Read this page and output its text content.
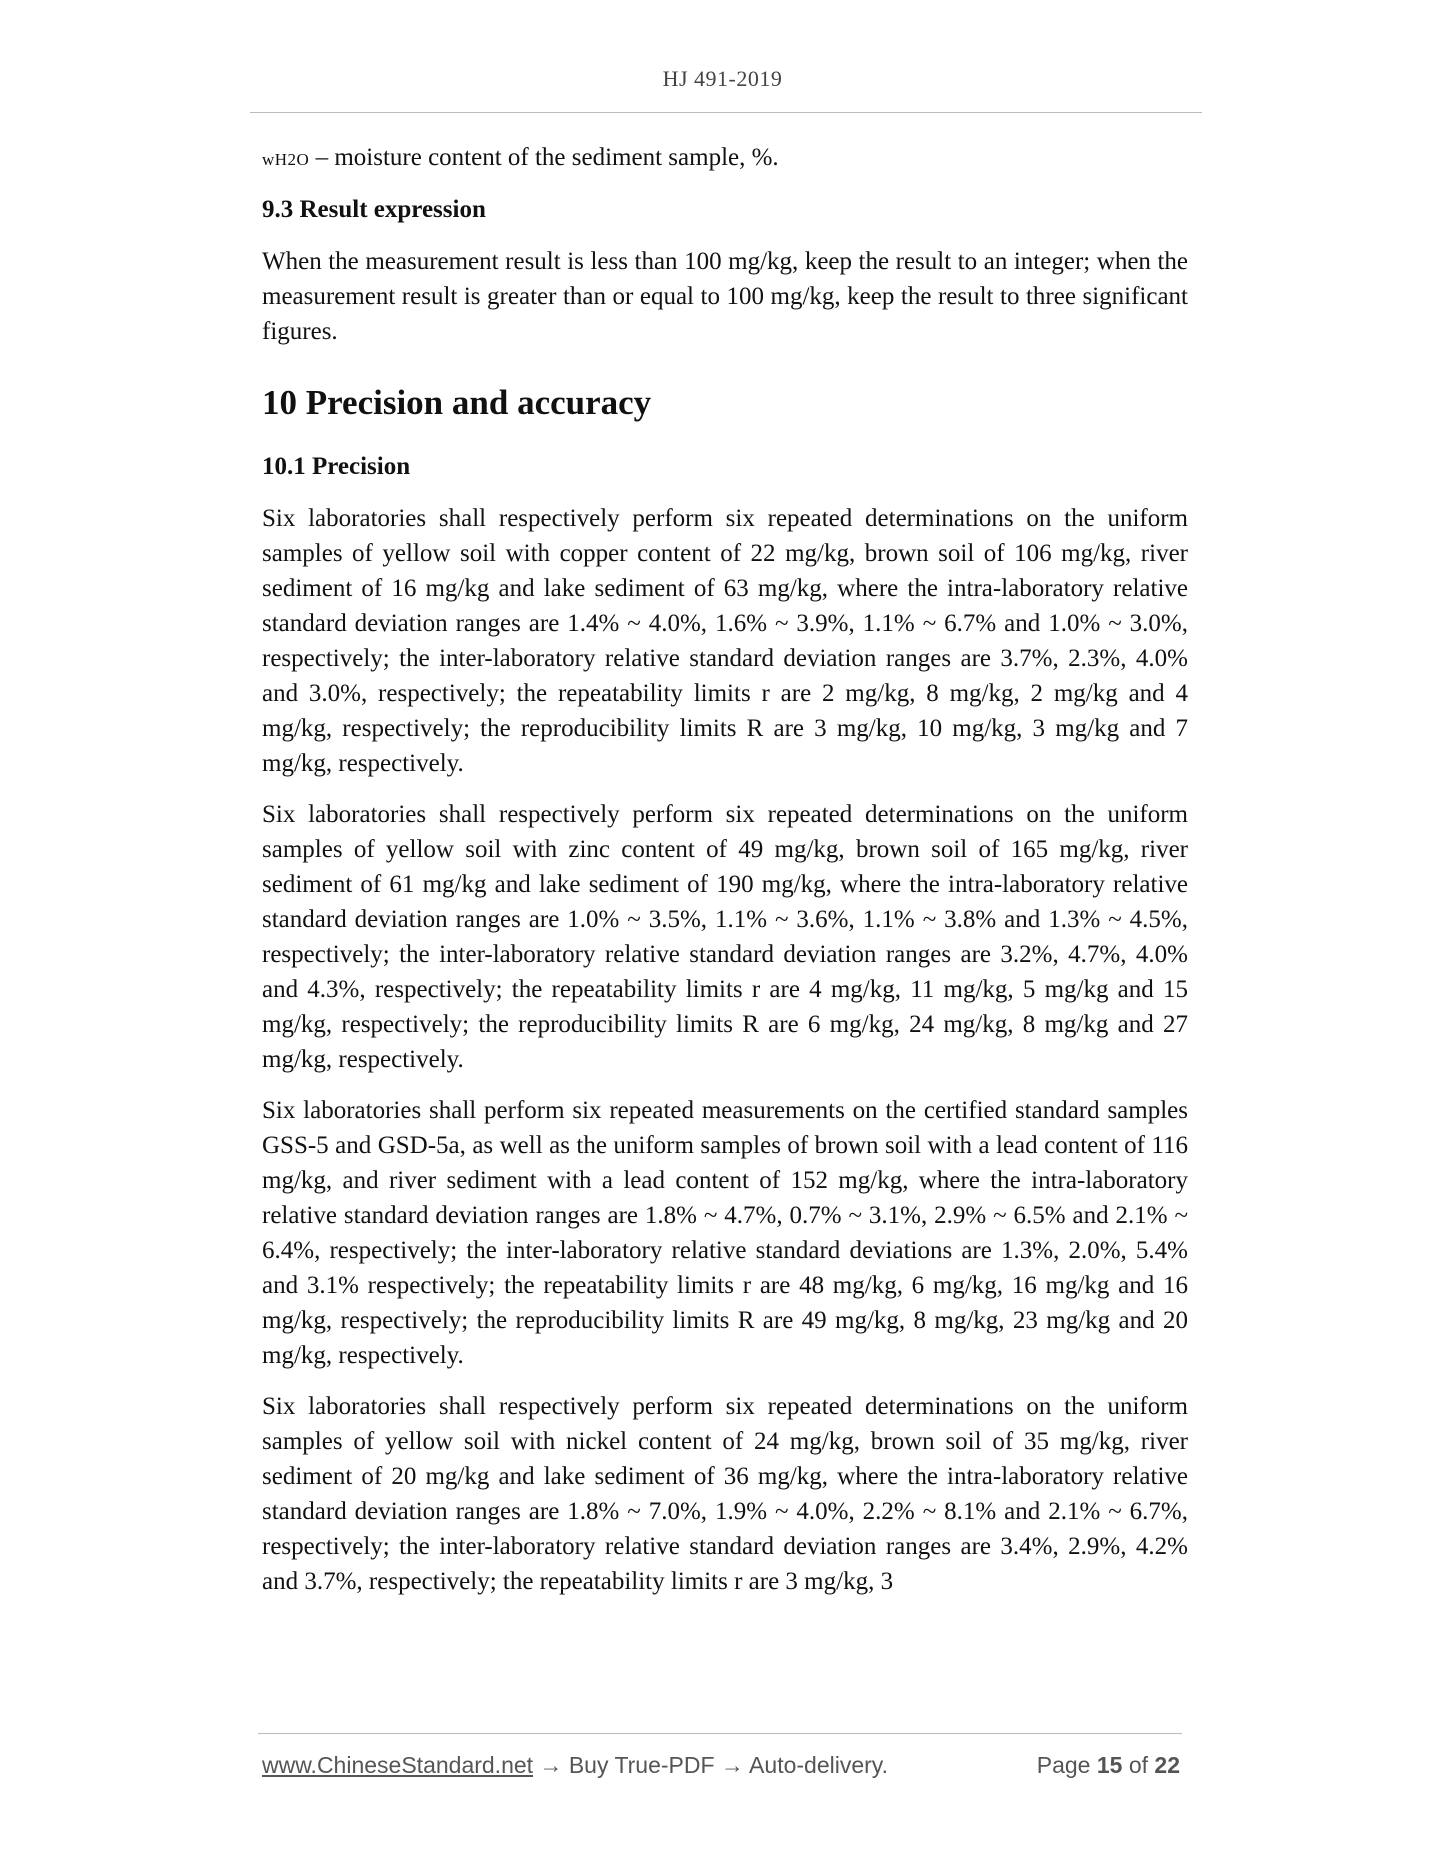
HJ 491-2019

wH2O – moisture content of the sediment sample, %.

9.3 Result expression

When the measurement result is less than 100 mg/kg, keep the result to an integer; when the measurement result is greater than or equal to 100 mg/kg, keep the result to three significant figures.

10 Precision and accuracy

10.1 Precision

Six laboratories shall respectively perform six repeated determinations on the uniform samples of yellow soil with copper content of 22 mg/kg, brown soil of 106 mg/kg, river sediment of 16 mg/kg and lake sediment of 63 mg/kg, where the intra-laboratory relative standard deviation ranges are 1.4% ~ 4.0%, 1.6% ~ 3.9%, 1.1% ~ 6.7% and 1.0% ~ 3.0%, respectively; the inter-laboratory relative standard deviation ranges are 3.7%, 2.3%, 4.0% and 3.0%, respectively; the repeatability limits r are 2 mg/kg, 8 mg/kg, 2 mg/kg and 4 mg/kg, respectively; the reproducibility limits R are 3 mg/kg, 10 mg/kg, 3 mg/kg and 7 mg/kg, respectively.

Six laboratories shall respectively perform six repeated determinations on the uniform samples of yellow soil with zinc content of 49 mg/kg, brown soil of 165 mg/kg, river sediment of 61 mg/kg and lake sediment of 190 mg/kg, where the intra-laboratory relative standard deviation ranges are 1.0% ~ 3.5%, 1.1% ~ 3.6%, 1.1% ~ 3.8% and 1.3% ~ 4.5%, respectively; the inter-laboratory relative standard deviation ranges are 3.2%, 4.7%, 4.0% and 4.3%, respectively; the repeatability limits r are 4 mg/kg, 11 mg/kg, 5 mg/kg and 15 mg/kg, respectively; the reproducibility limits R are 6 mg/kg, 24 mg/kg, 8 mg/kg and 27 mg/kg, respectively.

Six laboratories shall perform six repeated measurements on the certified standard samples GSS-5 and GSD-5a, as well as the uniform samples of brown soil with a lead content of 116 mg/kg, and river sediment with a lead content of 152 mg/kg, where the intra-laboratory relative standard deviation ranges are 1.8% ~ 4.7%, 0.7% ~ 3.1%, 2.9% ~ 6.5% and 2.1% ~ 6.4%, respectively; the inter-laboratory relative standard deviations are 1.3%, 2.0%, 5.4% and 3.1% respectively; the repeatability limits r are 48 mg/kg, 6 mg/kg, 16 mg/kg and 16 mg/kg, respectively; the reproducibility limits R are 49 mg/kg, 8 mg/kg, 23 mg/kg and 20 mg/kg, respectively.

Six laboratories shall respectively perform six repeated determinations on the uniform samples of yellow soil with nickel content of 24 mg/kg, brown soil of 35 mg/kg, river sediment of 20 mg/kg and lake sediment of 36 mg/kg, where the intra-laboratory relative standard deviation ranges are 1.8% ~ 7.0%, 1.9% ~ 4.0%, 2.2% ~ 8.1% and 2.1% ~ 6.7%, respectively; the inter-laboratory relative standard deviation ranges are 3.4%, 2.9%, 4.2% and 3.7%, respectively; the repeatability limits r are 3 mg/kg, 3

www.ChineseStandard.net → Buy True-PDF → Auto-delivery.	Page 15 of 22
